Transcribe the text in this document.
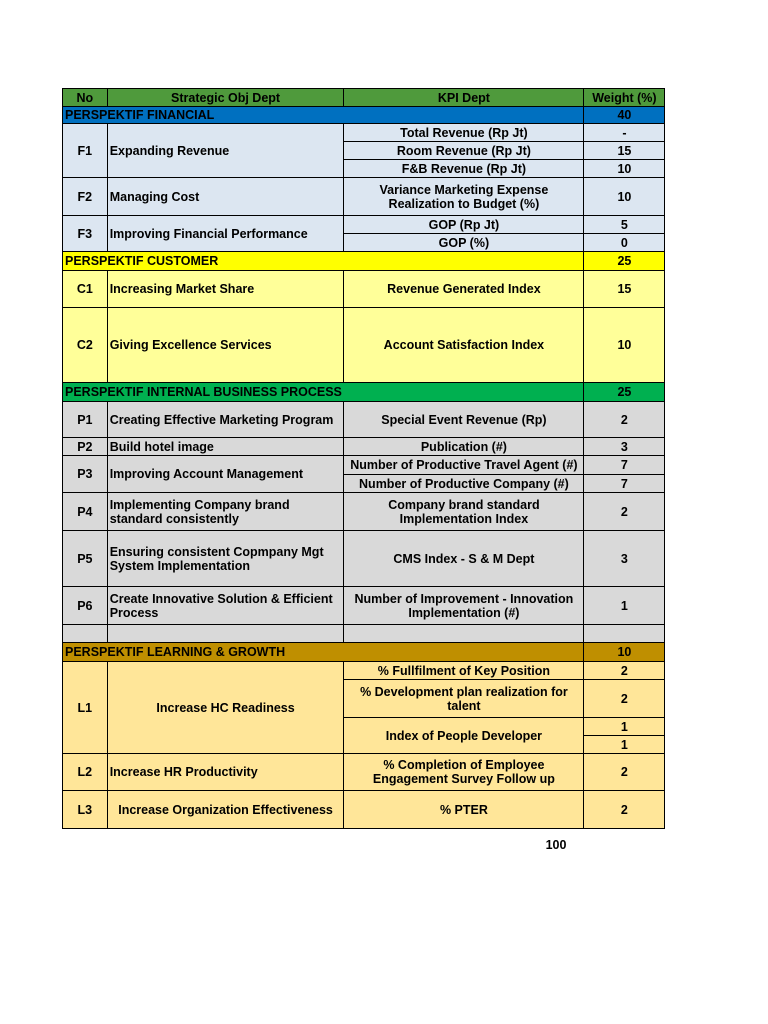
No	Strategic Obj Dept	KPI Dept	Weight (%)
PERSPEKTIF FINANCIAL			40
F1	Expanding Revenue	Total Revenue (Rp Jt)	-
		Room Revenue (Rp Jt)	15
		F&B Revenue (Rp Jt)	10
F2	Managing Cost	Variance Marketing Expense Realization to Budget (%)	10
F3	Improving Financial Performance	GOP (Rp Jt)	5
		GOP (%)	0
PERSPEKTIF CUSTOMER			25
C1	Increasing Market Share	Revenue Generated Index	15
C2	Giving Excellence Services	Account Satisfaction Index	10
PERSPEKTIF INTERNAL BUSINESS PROCESS			25
P1	Creating Effective Marketing Program	Special Event Revenue (Rp)	2
P2	Build hotel image	Publication (#)	3
P3	Improving Account Management	Number of Productive Travel Agent (#)	7
		Number of Productive Company (#)	7
P4	Implementing Company brand standard consistently	Company brand standard Implementation Index	2
P5	Ensuring consistent Copmpany Mgt System Implementation	CMS Index - S & M Dept	3
P6	Create Innovative Solution & Efficient Process	Number of Improvement - Innovation Implementation (#)	1

PERSPEKTIF LEARNING & GROWTH			10
L1	Increase HC Readiness	% Fullfilment of Key Position	2
		% Development plan realization for talent	2
		Index of People Developer	1
			1

L2	Increase HR Productivity	% Completion of Employee Engagement Survey Follow up	2
L3	Increase Organization Effectiveness	% PTER	2
100
